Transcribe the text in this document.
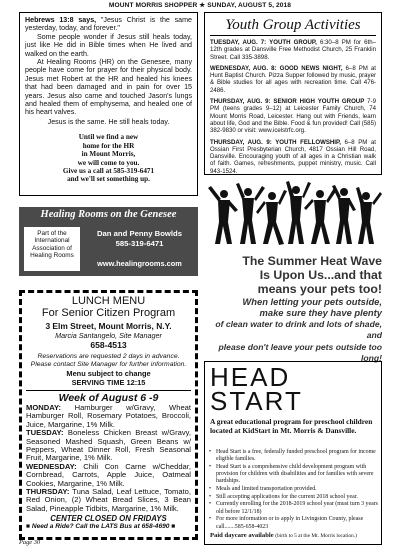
MOUNT MORRIS SHOPPER ★ SUNDAY, AUGUST 5, 2018

Hebrews 13:8 says, "Jesus Christ is the same yesterday, today, and forever."

Some people wonder if Jesus still heals today, just like He did in Bible times when He lived and walked on the earth.

At Healing Rooms (HR) on the Genesee, many people have come for prayer for their physical body. Jesus met Robert at the HR and healed his knees that had been damaged and in pain for over 15 years. Jesus also came and touched Jason's lungs and healed them of emphysema, and healed one of his heart valves.

Jesus is the same. He still heals today.

Until we find a new
home for the HR
in Mount Morris,
we will come to you.
Give us a call at 585-319-6471
and we'll set something up.
Healing Rooms on the Genesee
Part of the
International
Association of
Healing Rooms
Dan and Penny Bowlds
585-319-6471
www.healingrooms.com
LUNCH MENU
For Senior Citizen Program
3 Elm Street, Mount Morris, N.Y.
Marcia Santangelo, Site Manager
658-4513
Reservations are requested 2 days in advance.
Please contact Site Manager for further information.
Menu subject to change
SERVING TIME 12:15
Week of August 6 -9
MONDAY: Hamburger w/Gravy, Wheat Hamburger Roll, Rosemary Potatoes, Broccoli, Juice, Margarine, 1% Milk.
TUESDAY: Boneless Chicken Breast w/Gravy, Seasoned Mashed Squash, Green Beans w/ Peppers, Wheat Dinner Roll, Fresh Seasonal Fruit, Margarine, 1% Milk.
WEDNESDAY: Chili Con Carne w/Cheddar, Cornbread, Carrots, Apple Juice, Oatmeal Cookies, Margarine, 1% Milk.
THURSDAY: Tuna Salad, Leaf Lettuce, Tomato, Red Onion, (2) Wheat Bread Slices, 3 Bean Salad, Pineapple Tidbits, Margarine, 1% Milk.
CENTER CLOSED ON FRIDAYS
■ Need a Ride? Call the LATS Bus at 658-4690 ■
Page 30
Youth Group Activities
TUESDAY, AUG. 7: YOUTH GROUP, 6:30–8 PM for 6th–12th grades at Dansville Free Methodist Church, 25 Franklin Street. Call 335-3898.
WEDNESDAY, AUG. 8: GOOD NEWS NIGHT, 6–8 PM at Hunt Baptist Church. Pizza Supper followed by music, prayer & Bible studies for all ages with recreation time. Call 476-2486.
THURSDAY, AUG. 9: SENIOR HIGH YOUTH GROUP 7-9 PM (teens grades 9–12) at Leicester Family Church, 74 Mount Morris Road, Leicester. Hang out with Friends, learn about life, God and the Bible. Food & fun provided! Call (585) 382-9830 or visit: www.icelstrfc.org.
THURSDAY, AUG. 9: YOUTH FELLOWSHIP, 6–8 PM at Ossian First Presbyterian Church, 4817 Ossian Hill Road, Dansville. Encouraging youth of all ages in a Christian walk of faith. Games, refreshments, puppet ministry, music. Call 943-1524.
The Summer Heat Wave
Is Upon Us...and that
means your pets too!
When letting your pets outside,
make sure they have plenty
of clean water to drink and lots of shade, and
please don't leave your pets outside too long!
HEAD
START
A great educational program for preschool children located at KidStart in Mt. Morris & Dansville.
• Head Start is a free, federally funded preschool program for income eligible families.
• Head Start is a comprehensive child development program with provision for children with disabilities and for families with severe hardships.
• Meals and limited transportation provided.
• Still accepting applications for the current 2018 school year.
• Currently enrolling for the 2018-2019 school year (must turn 3 years old before 12/1/18)
• For more information or to apply in Livingston County, please call.......585-658-4023
Paid daycare available (birth to 5 at the Mt. Morris location.)
